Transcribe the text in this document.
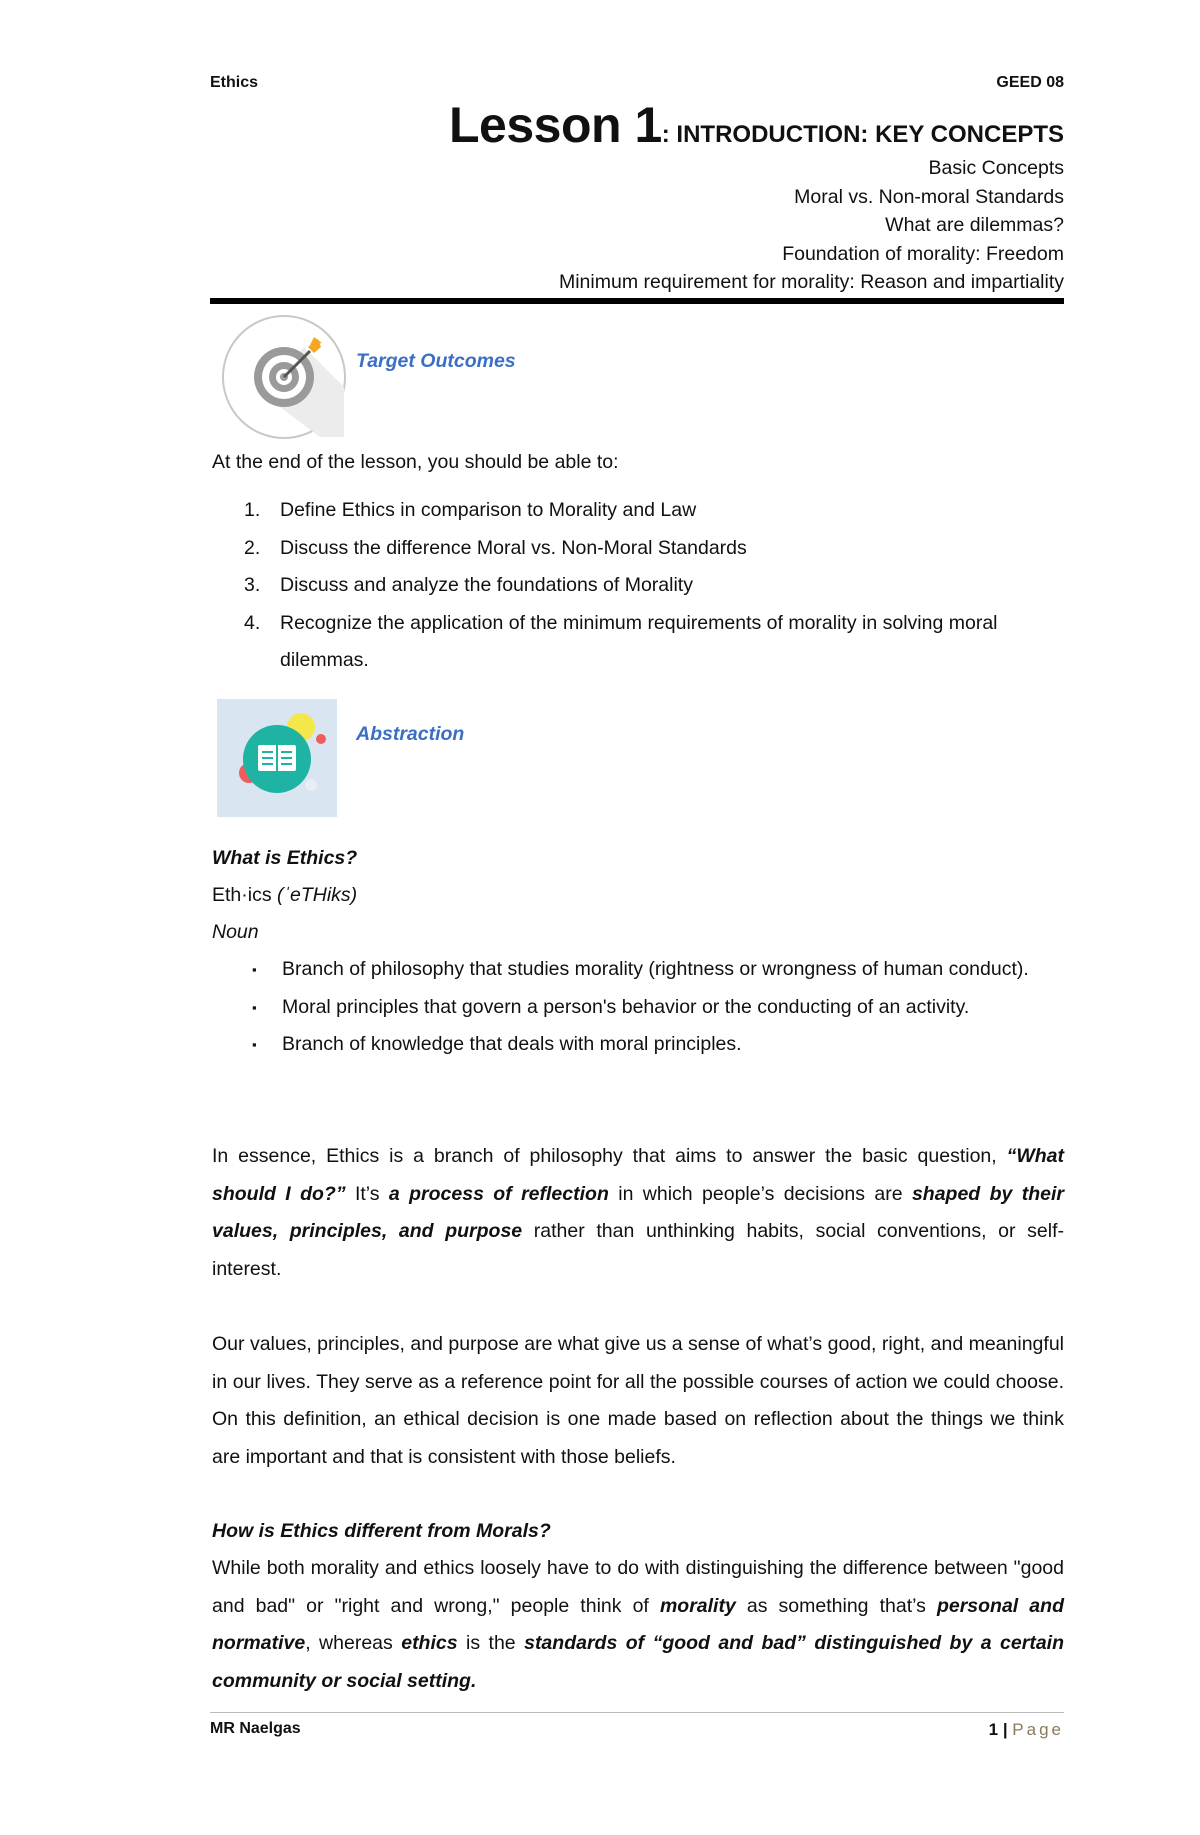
Ethics	GEED 08
Lesson 1: INTRODUCTION: KEY CONCEPTS
Basic Concepts
Moral vs. Non-moral Standards
What are dilemmas?
Foundation of morality: Freedom
Minimum requirement for morality: Reason and impartiality
Target Outcomes
At the end of the lesson, you should be able to:
1.	Define Ethics in comparison to Morality and Law
2.	Discuss the difference Moral vs. Non-Moral Standards
3.	Discuss and analyze the foundations of Morality
4.	Recognize the application of the minimum requirements of morality in solving moral dilemmas.
Abstraction
What is Ethics?
Eth·ics (ˈeTHiks)
Noun
▪	Branch of philosophy that studies morality (rightness or wrongness of human conduct).
▪	Moral principles that govern a person's behavior or the conducting of an activity.
▪	Branch of knowledge that deals with moral principles.
In essence, Ethics is a branch of philosophy that aims to answer the basic question, “What should I do?” It’s a process of reflection in which people’s decisions are shaped by their values, principles, and purpose rather than unthinking habits, social conventions, or self-interest.
Our values, principles, and purpose are what give us a sense of what’s good, right, and meaningful in our lives. They serve as a reference point for all the possible courses of action we could choose. On this definition, an ethical decision is one made based on reflection about the things we think are important and that is consistent with those beliefs.
How is Ethics different from Morals?
While both morality and ethics loosely have to do with distinguishing the difference between "good and bad" or "right and wrong," people think of morality as something that’s personal and normative, whereas ethics is the standards of “good and bad” distinguished by a certain community or social setting.
MR Naelgas	1 | Page
